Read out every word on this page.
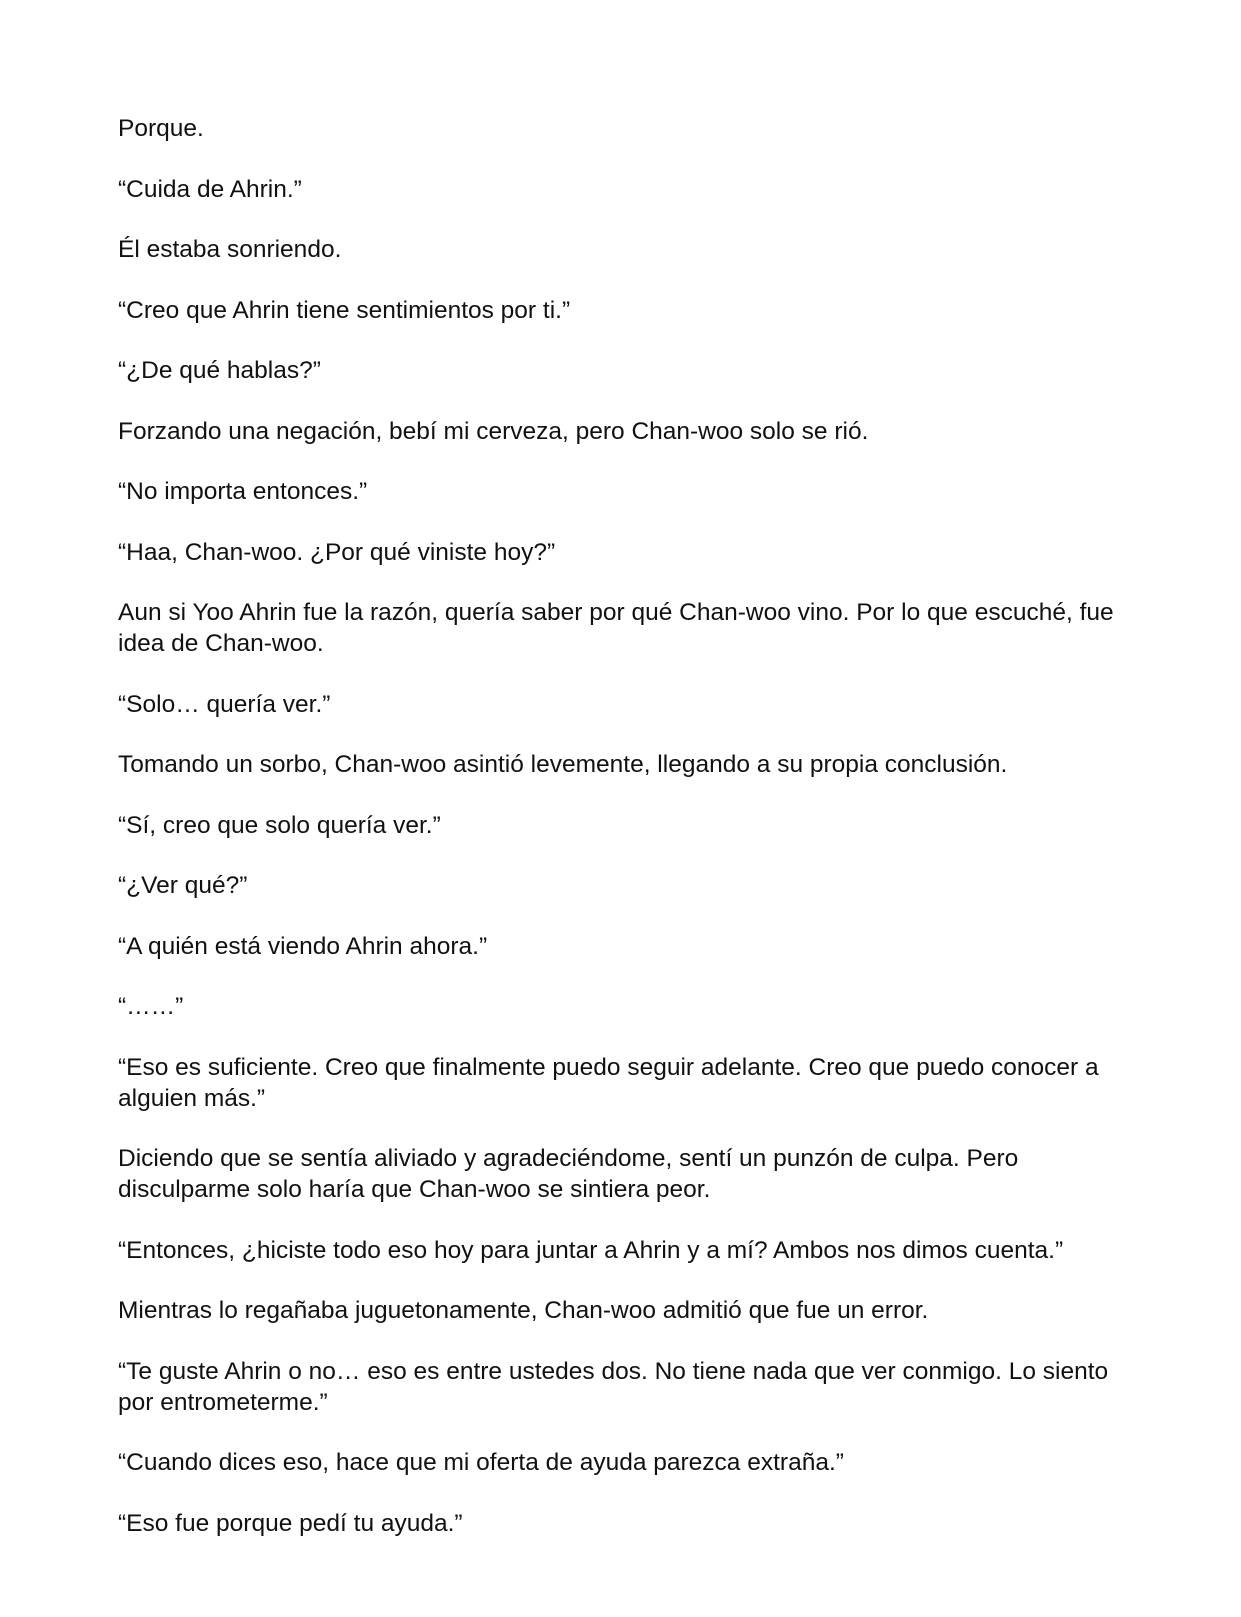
Porque.

“Cuida de Ahrin.”

Él estaba sonriendo.

“Creo que Ahrin tiene sentimientos por ti.”

“¿De qué hablas?”

Forzando una negación, bebí mi cerveza, pero Chan-woo solo se rió.

“No importa entonces.”

“Haa, Chan-woo. ¿Por qué viniste hoy?”

Aun si Yoo Ahrin fue la razón, quería saber por qué Chan-woo vino. Por lo que escuché, fue idea de Chan-woo.

“Solo… quería ver.”

Tomando un sorbo, Chan-woo asintió levemente, llegando a su propia conclusión.

“Sí, creo que solo quería ver.”

“¿Ver qué?”

“A quién está viendo Ahrin ahora.”

“……”

“Eso es suficiente. Creo que finalmente puedo seguir adelante. Creo que puedo conocer a alguien más.”

Diciendo que se sentía aliviado y agradeciéndome, sentí un punzón de culpa. Pero disculparme solo haría que Chan-woo se sintiera peor.

“Entonces, ¿hiciste todo eso hoy para juntar a Ahrin y a mí? Ambos nos dimos cuenta.”

Mientras lo regañaba juguetonamente, Chan-woo admitió que fue un error.

“Te guste Ahrin o no… eso es entre ustedes dos. No tiene nada que ver conmigo. Lo siento por entrometerme.”

“Cuando dices eso, hace que mi oferta de ayuda parezca extraña.”

“Eso fue porque pedí tu ayuda.”
